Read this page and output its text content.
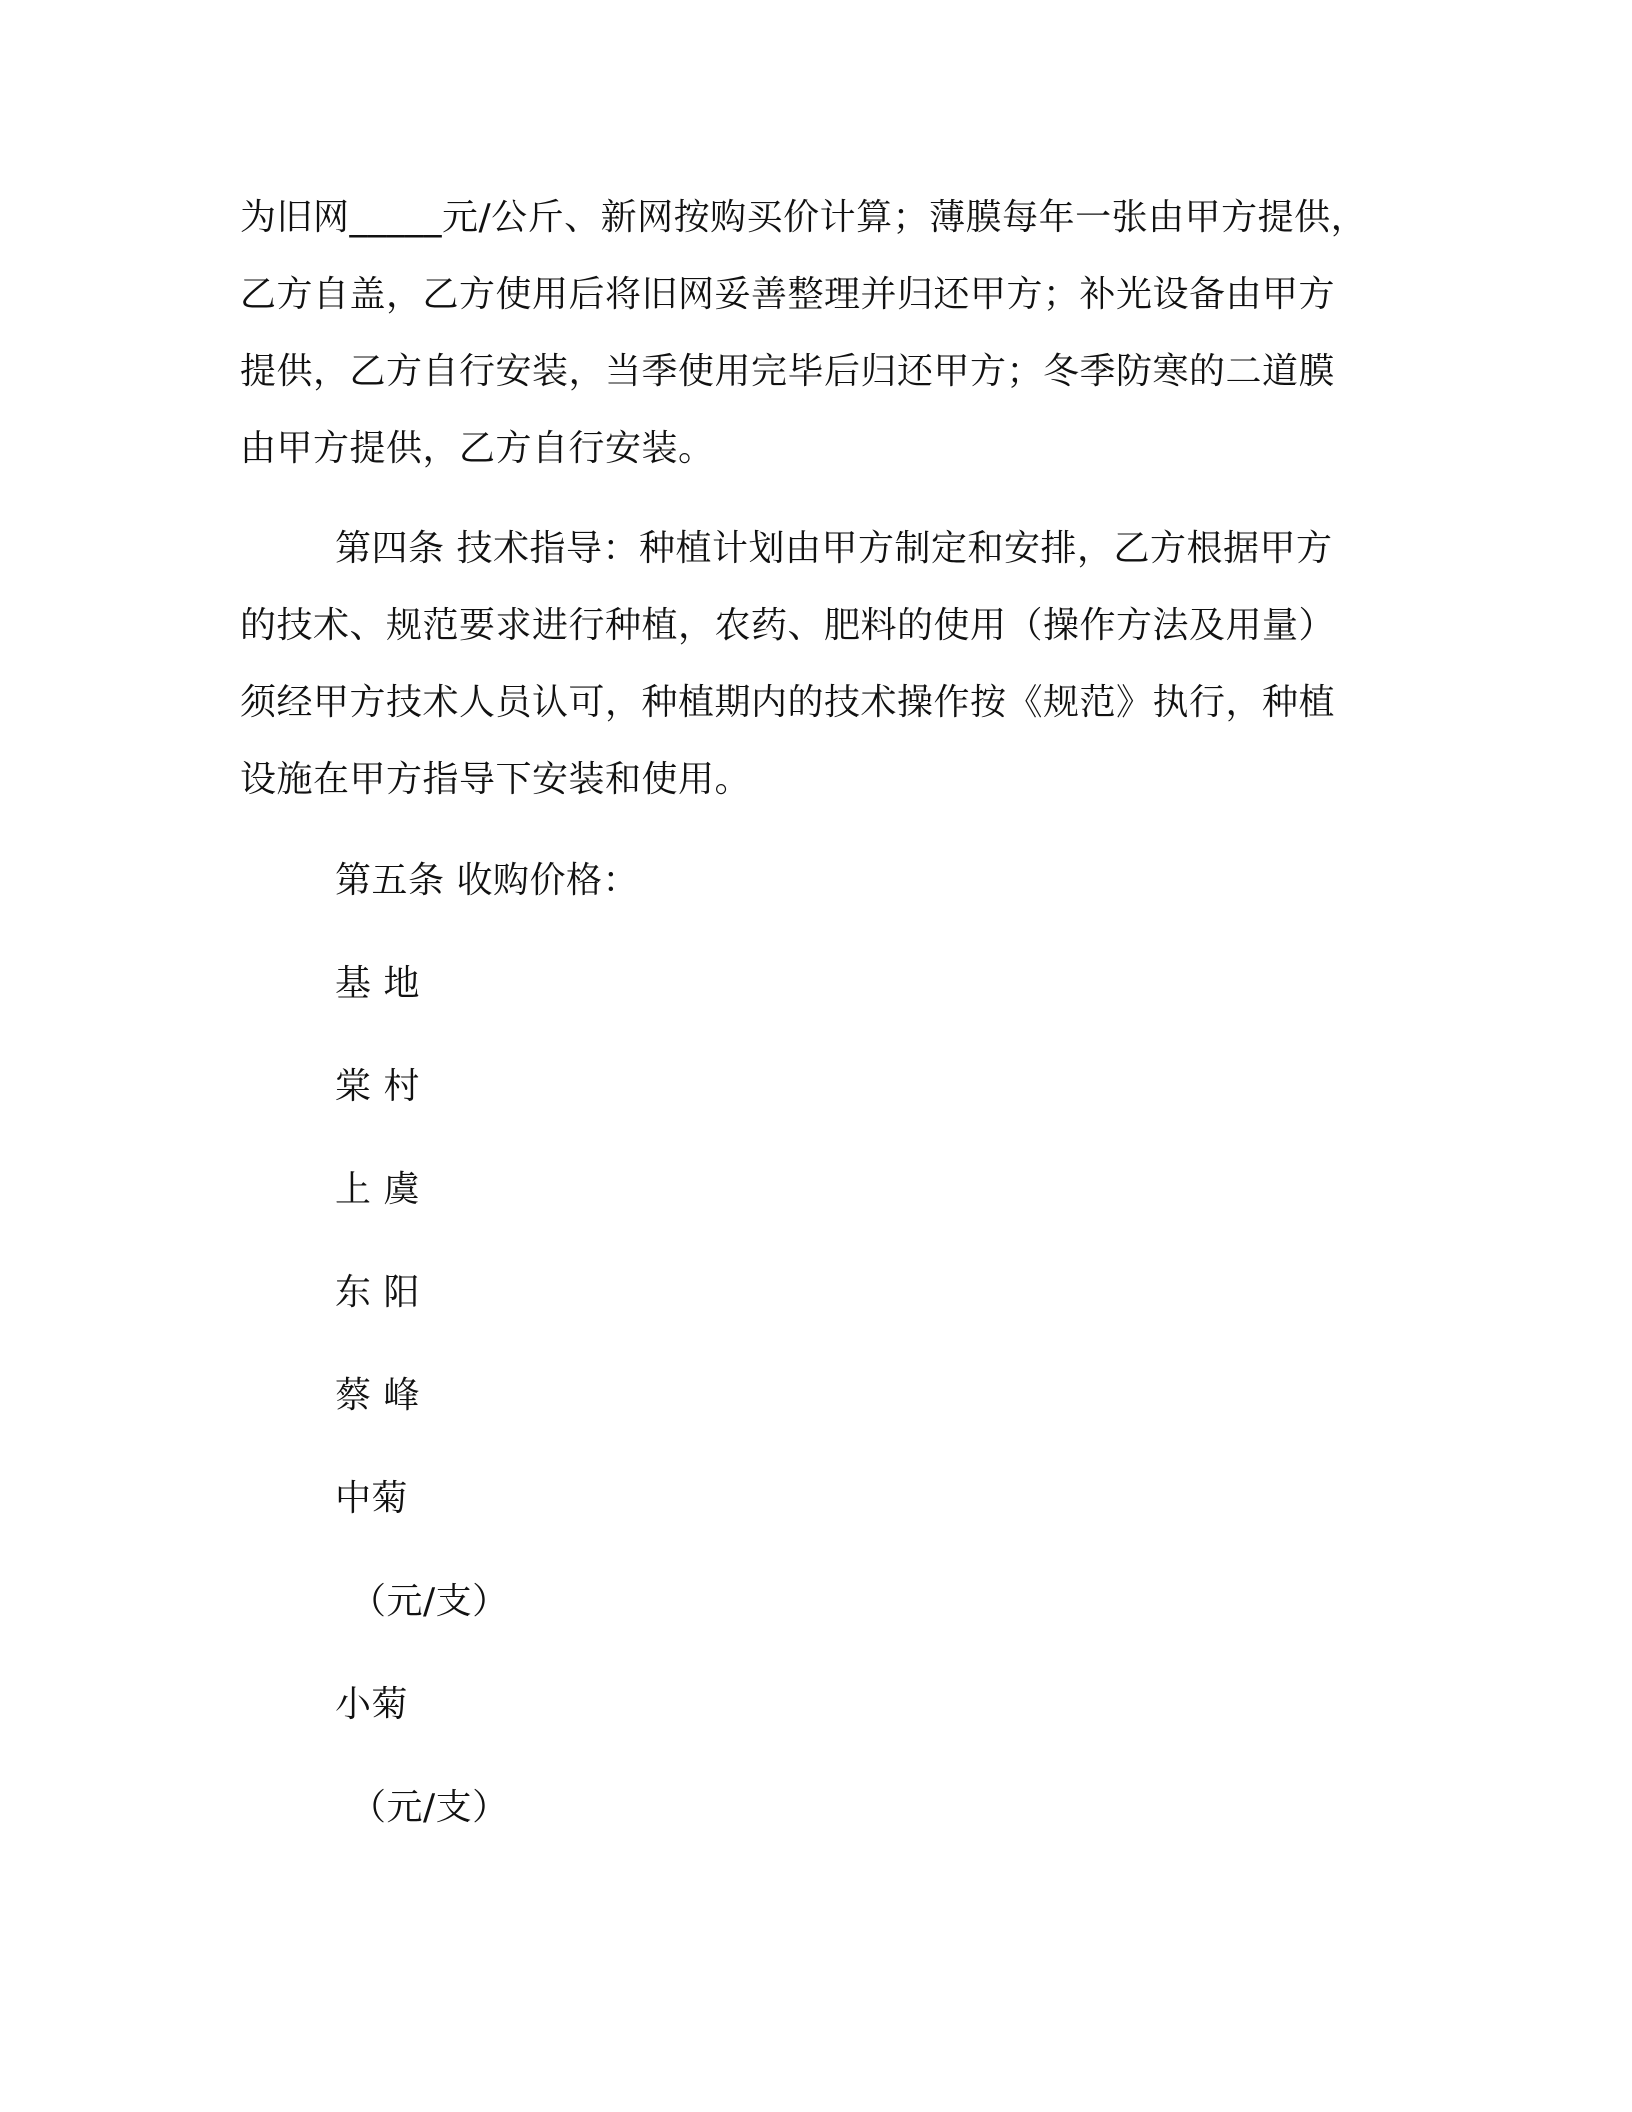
为旧网_____元/公斤、新网按购买价计算；薄膜每年一张由甲方提供，
乙方自盖，乙方使用后将旧网妥善整理并归还甲方；补光设备由甲方
提供，乙方自行安装，当季使用完毕后归还甲方；冬季防寒的二道膜
由甲方提供，乙方自行安装。
第四条 技术指导：种植计划由甲方制定和安排，乙方根据甲方
的技术、规范要求进行种植，农药、肥料的使用（操作方法及用量）
须经甲方技术人员认可，种植期内的技术操作按《规范》执行，种植
设施在甲方指导下安装和使用。
第五条 收购价格：
基 地
棠 村
上 虞
东 阳
蔡 峰
中菊
（元/支）
小菊
（元/支）
